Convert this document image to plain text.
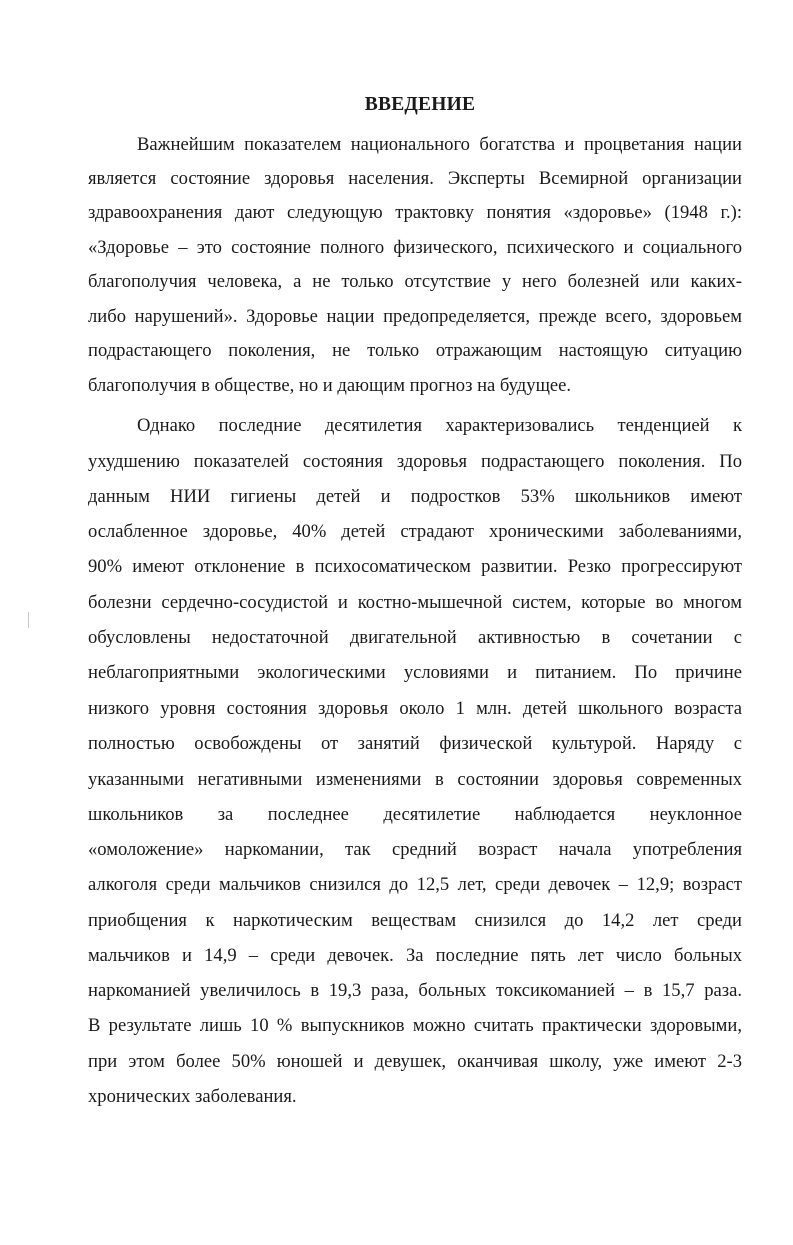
ВВЕДЕНИЕ
Важнейшим показателем национального богатства и процветания нации
является состояние здоровья населения. Эксперты Всемирной организации
здравоохранения дают следующую трактовку понятия «здоровье» (1948 г.):
«Здоровье – это состояние полного физического, психического и социального
благополучия человека, а не только отсутствие у него болезней или каких-
либо нарушений». Здоровье нации предопределяется, прежде всего, здоровьем
подрастающего поколения, не только отражающим настоящую ситуацию
благополучия в обществе, но и дающим прогноз на будущее.
Однако последние десятилетия характеризовались тенденцией к
ухудшению показателей состояния здоровья подрастающего поколения. По
данным НИИ гигиены детей и подростков 53% школьников имеют
ослабленное здоровье, 40% детей страдают хроническими заболеваниями,
90% имеют отклонение в психосоматическом развитии. Резко прогрессируют
болезни сердечно-сосудистой и костно-мышечной систем, которые во многом
обусловлены недостаточной двигательной активностью в сочетании с
неблагоприятными экологическими условиями и питанием. По причине
низкого уровня состояния здоровья около 1 млн. детей школьного возраста
полностью освобождены от занятий физической культурой. Наряду с
указанными негативными изменениями в состоянии здоровья современных
школьников за последнее десятилетие наблюдается неуклонное
«омоложение» наркомании, так средний возраст начала употребления
алкоголя среди мальчиков снизился до 12,5 лет, среди девочек – 12,9; возраст
приобщения к наркотическим веществам снизился до 14,2 лет среди
мальчиков и 14,9 – среди девочек. За последние пять лет число больных
наркоманией увеличилось в 19,3 раза, больных токсикоманией – в 15,7 раза.
В результате лишь 10 % выпускников можно считать практически здоровыми,
при этом более 50% юношей и девушек, оканчивая школу, уже имеют 2-3
хронических заболевания.
